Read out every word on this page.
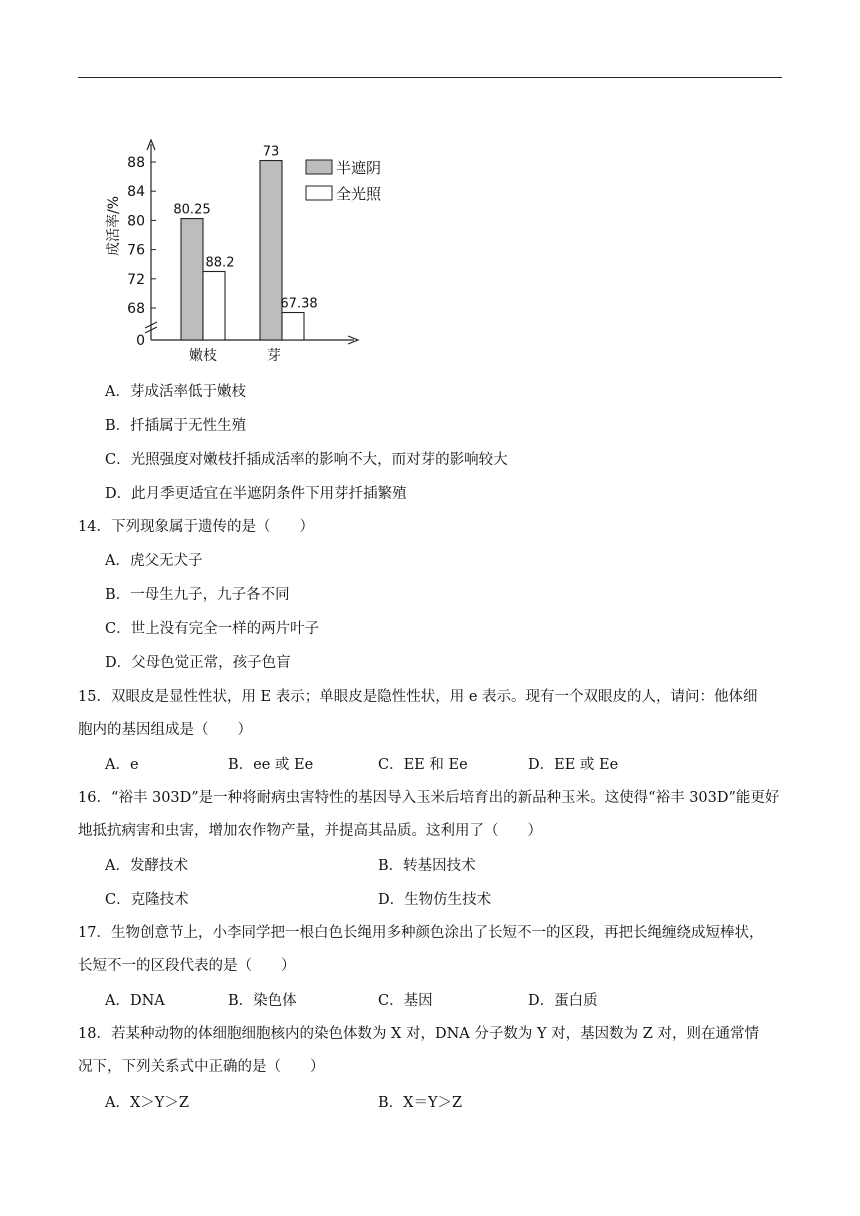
0
68
72
76
80
84
88
成活率/%	80.25
88.2
嫩枝
73
67.38
芽
半遮阴
全光照
A．芽成活率低于嫩枝
B．扦插属于无性生殖
C．光照强度对嫩枝扦插成活率的影响不大，而对芽的影响较大
D．此月季更适宜在半遮阴条件下用芽扦插繁殖
14．下列现象属于遗传的是（　　）
A．虎父无犬子
B．一母生九子，九子各不同
C．世上没有完全一样的两片叶子
D．父母色觉正常，孩子色盲
15．双眼皮是显性性状，用 E 表示；单眼皮是隐性性状，用 e 表示。现有一个双眼皮的人，请问：他体细
胞内的基因组成是（　　）
A．e	B．ee 或 Ee	C．EE 和 Ee	D．EE 或 Ee
16．“裕丰 303D”是一种将耐病虫害特性的基因导入玉米后培育出的新品种玉米。这使得“裕丰 303D”能更好
地抵抗病害和虫害，增加农作物产量，并提高其品质。这利用了（　　）
A．发酵技术	B．转基因技术
C．克隆技术	D．生物仿生技术
17．生物创意节上，小李同学把一根白色长绳用多种颜色涂出了长短不一的区段，再把长绳缠绕成短棒状，
长短不一的区段代表的是（　　）
A．DNA	B．染色体	C．基因	D．蛋白质
18．若某种动物的体细胞细胞核内的染色体数为 X 对，DNA 分子数为 Y 对，基因数为 Z 对，则在通常情
况下，下列关系式中正确的是（　　）
A．X＞Y＞Z	B．X＝Y＞Z
